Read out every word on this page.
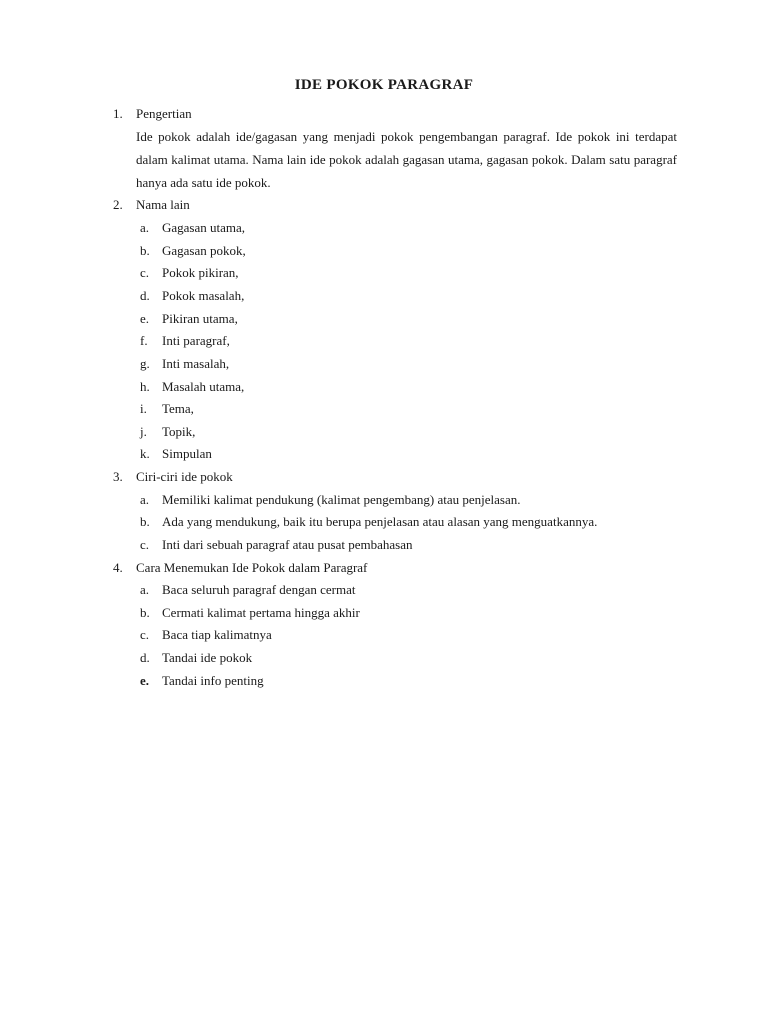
IDE POKOK PARAGRAF
1. Pengertian
Ide pokok adalah ide/gagasan yang menjadi pokok pengembangan paragraf. Ide pokok ini terdapat dalam kalimat utama. Nama lain ide pokok adalah gagasan utama, gagasan pokok. Dalam satu paragraf hanya ada satu ide pokok.
2. Nama lain
a. Gagasan utama,
b. Gagasan pokok,
c. Pokok pikiran,
d. Pokok masalah,
e. Pikiran utama,
f. Inti paragraf,
g. Inti masalah,
h. Masalah utama,
i. Tema,
j. Topik,
k. Simpulan
3. Ciri-ciri ide pokok
a. Memiliki kalimat pendukung (kalimat pengembang) atau penjelasan.
b. Ada yang mendukung, baik itu berupa penjelasan atau alasan yang menguatkannya.
c. Inti dari sebuah paragraf atau pusat pembahasan
4. Cara Menemukan Ide Pokok dalam Paragraf
a. Baca seluruh paragraf dengan cermat
b. Cermati kalimat pertama hingga akhir
c. Baca tiap kalimatnya
d. Tandai ide pokok
e. Tandai info penting
